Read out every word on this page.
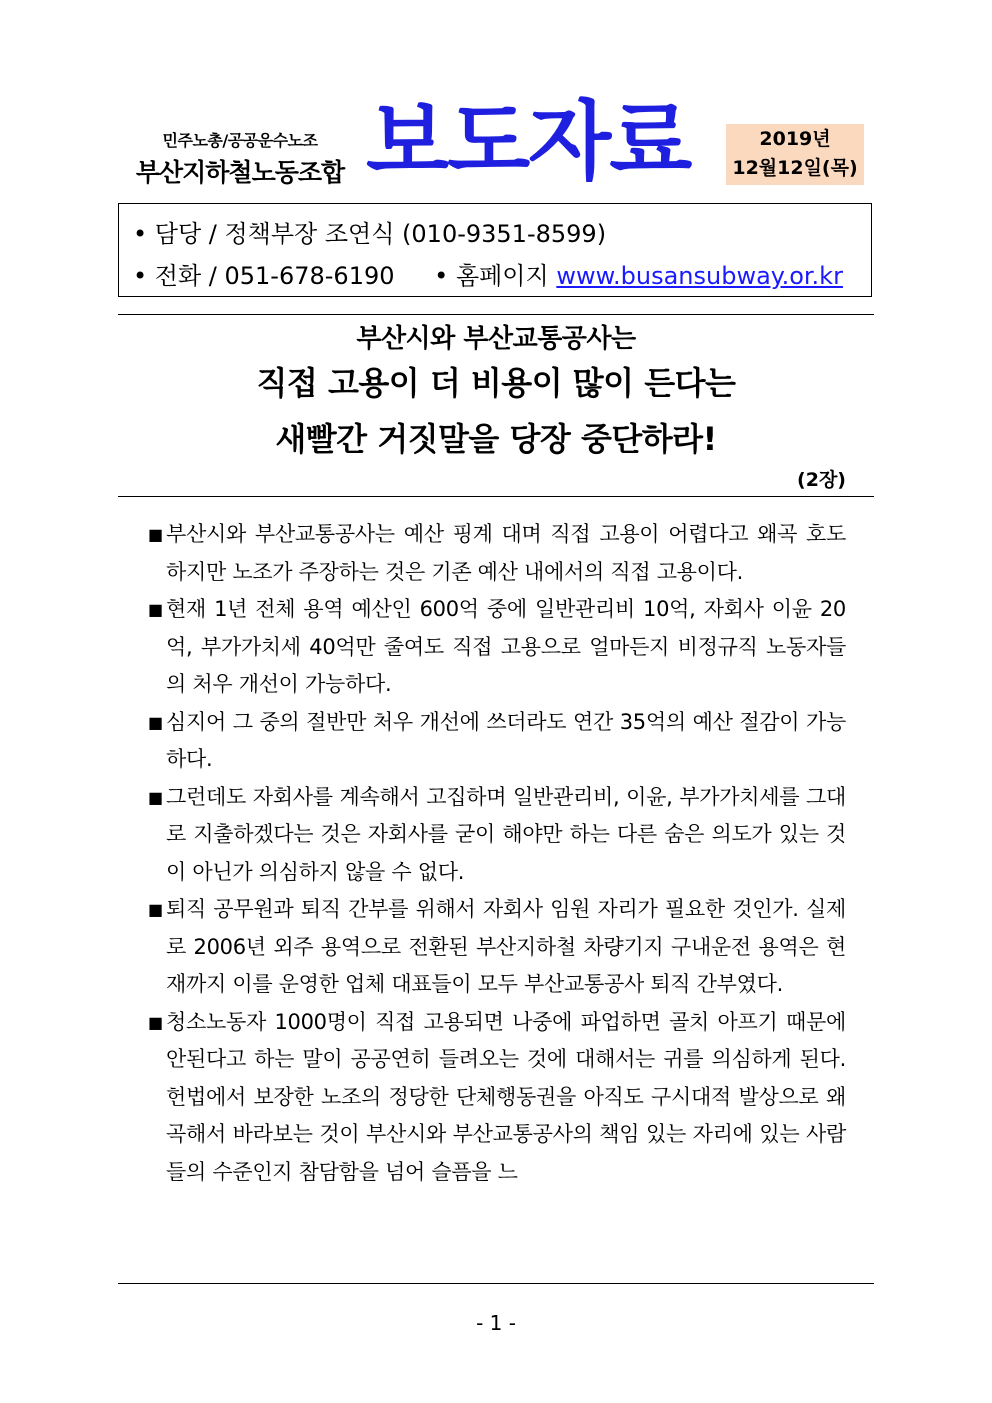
민주노총/공공운수노조
부산지하철노동조합 보도자료	2019년
12월12일(목)
• 담당 / 정책부장 조연식 (010-9351-8599)
• 전화 / 051-678-6190 • 홈페이지 www.busansubway.or.kr
부산시와 부산교통공사는
직접 고용이 더 비용이 많이 든다는
새빨간 거짓말을 당장 중단하라!
(2장)
■ 부산시와 부산교통공사는 예산 핑계 대며 직접 고용이 어렵다고 왜곡 호도 하지만 노조가 주장하는 것은 기존 예산 내에서의 직접 고용이다.
■ 현재 1년 전체 용역 예산인 600억 중에 일반관리비 10억, 자회사 이윤 20억, 부가가치세 40억만 줄여도 직접 고용으로 얼마든지 비정규직 노동자들의 처우 개선이 가능하다.
■ 심지어 그 중의 절반만 처우 개선에 쓰더라도 연간 35억의 예산 절감이 가능하다.
■ 그런데도 자회사를 계속해서 고집하며 일반관리비, 이윤, 부가가치세를 그대로 지출하겠다는 것은 자회사를 굳이 해야만 하는 다른 숨은 의도가 있는 것이 아닌가 의심하지 않을 수 없다.
■ 퇴직 공무원과 퇴직 간부를 위해서 자회사 임원 자리가 필요한 것인가. 실제로 2006년 외주 용역으로 전환된 부산지하철 차량기지 구내운전 용역은 현재까지 이를 운영한 업체 대표들이 모두 부산교통공사 퇴직 간부였다.
■ 청소노동자 1000명이 직접 고용되면 나중에 파업하면 골치 아프기 때문에 안된다고 하는 말이 공공연히 들려오는 것에 대해서는 귀를 의심하게 된다. 헌법에서 보장한 노조의 정당한 단체행동권을 아직도 구시대적 발상으로 왜곡해서 바라보는 것이 부산시와 부산교통공사의 책임 있는 자리에 있는 사람들의 수준인지 참담함을 넘어 슬픔을 느
- 1 -
